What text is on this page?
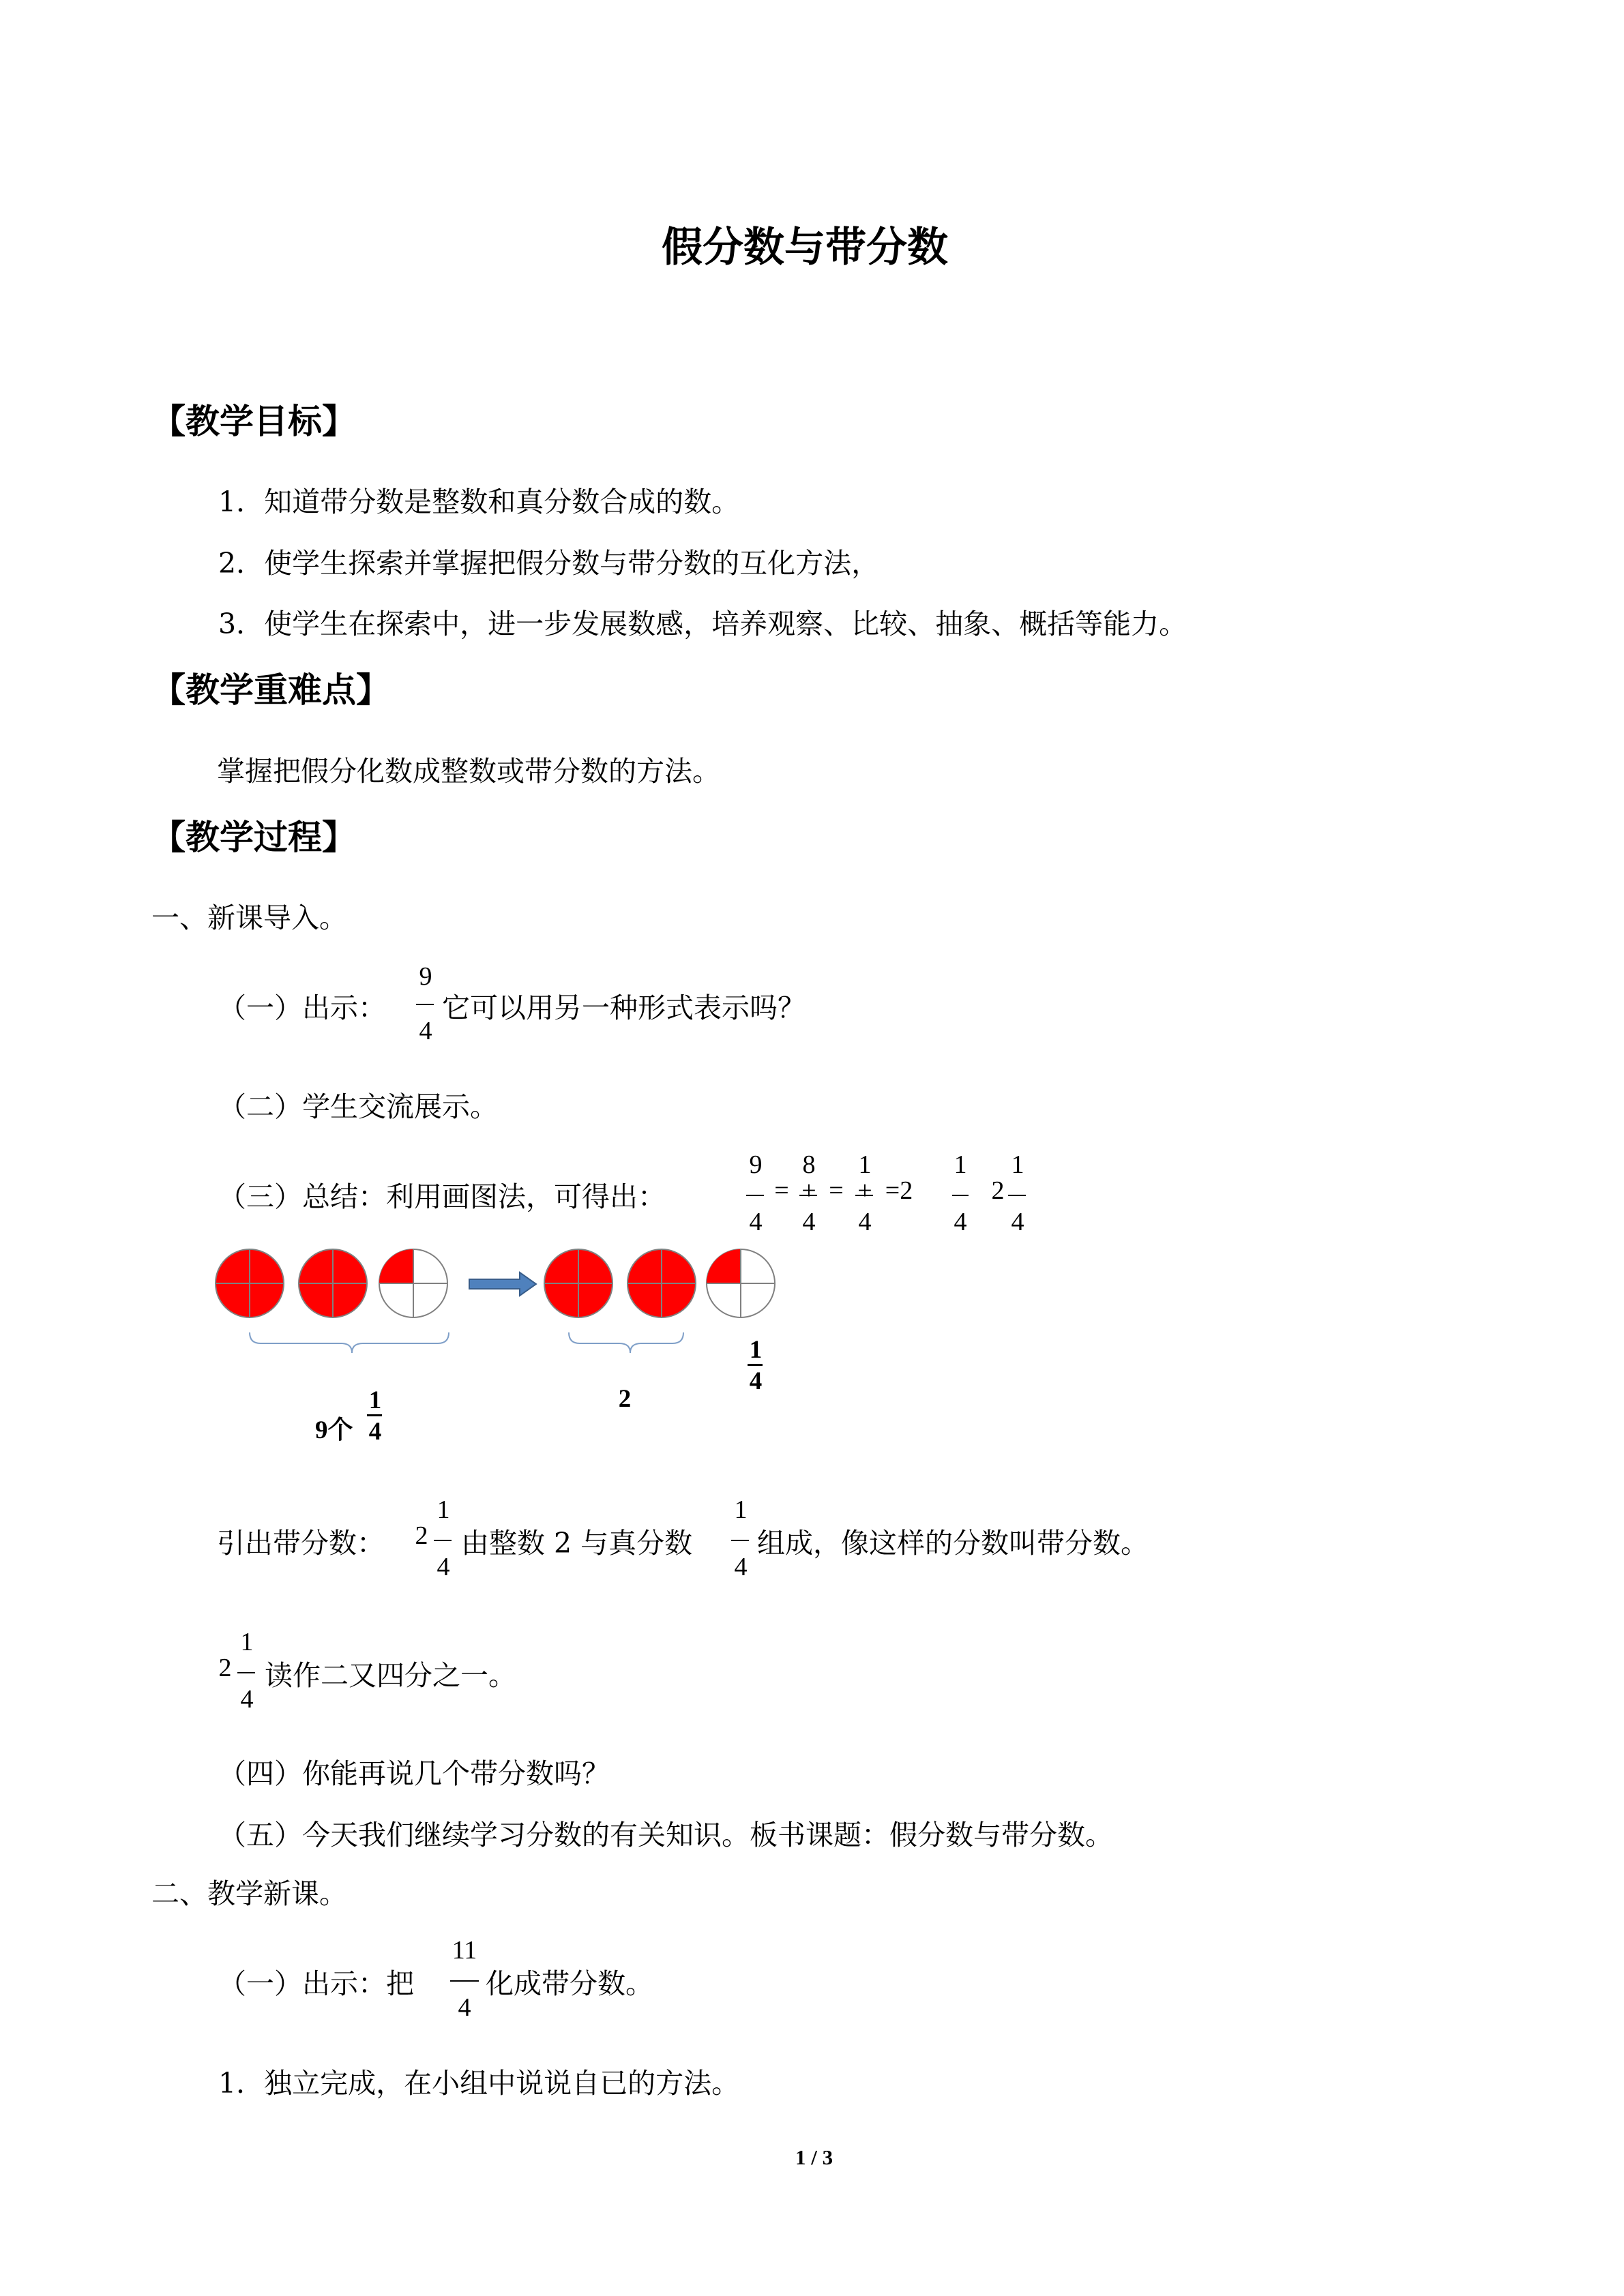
假分数与带分数
【教学目标】
1．知道带分数是整数和真分数合成的数。
2．使学生探索并掌握把假分数与带分数的互化方法，
3．使学生在探索中，进一步发展数感，培养观察、比较、抽象、概括等能力。
【教学重难点】
掌握把假分化数成整数或带分数的方法。
【教学过程】
一、新课导入。
（一）出示：
9
4
它可以用另一种形式表示吗？
（二）学生交流展示。
（三）总结：利用画图法，可得出：
9
4
=
8
4
+ =
1
4
+ =2
1
4
2
1
4
9个
1
4
2
1
4
引出带分数： 2
1
4
由整数 2 与真分数
1
4
组成，像这样的分数叫带分数。
2
1
4
读作二又四分之一。
（四）你能再说几个带分数吗？
（五）今天我们继续学习分数的有关知识。板书课题：假分数与带分数。
二、教学新课。
（一）出示：把
11
4
化成带分数。
1．独立完成，在小组中说说自已的方法。
1 / 3
